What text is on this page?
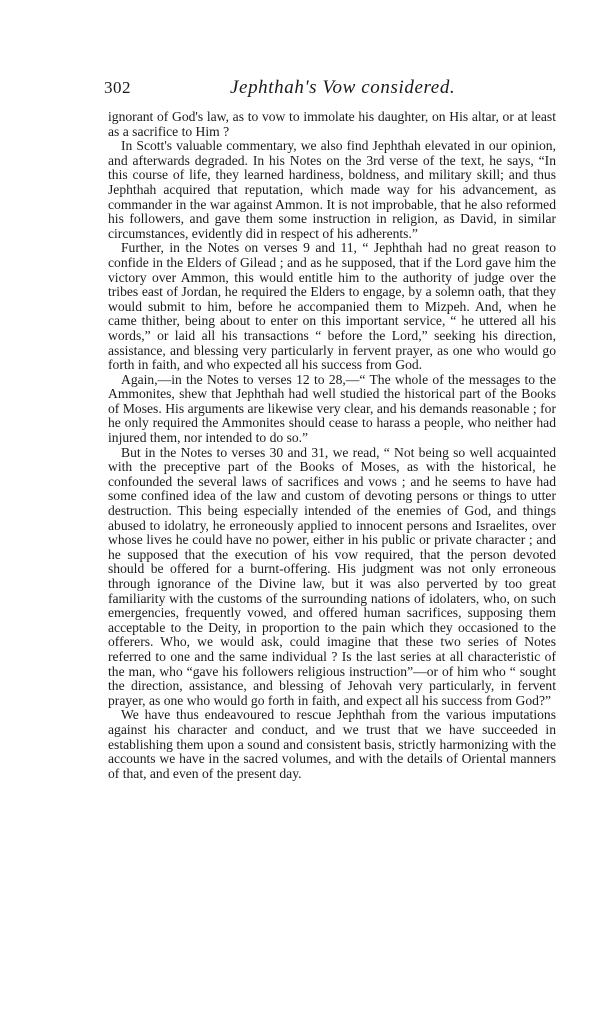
302	Jephthah's Vow considered.

ignorant of God's law, as to vow to immolate his daughter, on His altar, or at least as a sacrifice to Him ?

In Scott's valuable commentary, we also find Jephthah elevated in our opinion, and afterwards degraded. In his Notes on the 3rd verse of the text, he says, “In this course of life, they learned hardiness, boldness, and military skill; and thus Jephthah acquired that reputation, which made way for his advancement, as commander in the war against Ammon. It is not improbable, that he also reformed his followers, and gave them some instruction in religion, as David, in similar circumstances, evidently did in respect of his adherents.”

Further, in the Notes on verses 9 and 11, “ Jephthah had no great reason to confide in the Elders of Gilead ; and as he supposed, that if the Lord gave him the victory over Ammon, this would entitle him to the authority of judge over the tribes east of Jordan, he required the Elders to engage, by a solemn oath, that they would submit to him, before he accompanied them to Mizpeh. And, when he came thither, being about to enter on this important service, “ he uttered all his words,” or laid all his transactions “ before the Lord,” seeking his direction, assistance, and blessing very particularly in fervent prayer, as one who would go forth in faith, and who expected all his success from God.

Again,—in the Notes to verses 12 to 28,—“ The whole of the messages to the Ammonites, shew that Jephthah had well studied the historical part of the Books of Moses. His arguments are likewise very clear, and his demands reasonable ; for he only required the Ammonites should cease to harass a people, who neither had injured them, nor intended to do so.”

But in the Notes to verses 30 and 31, we read, “ Not being so well acquainted with the preceptive part of the Books of Moses, as with the historical, he confounded the several laws of sacrifices and vows ; and he seems to have had some confined idea of the law and custom of devoting persons or things to utter destruction. This being especially intended of the enemies of God, and things abused to idolatry, he erroneously applied to innocent persons and Israelites, over whose lives he could have no power, either in his public or private character ; and he supposed that the execution of his vow required, that the person devoted should be offered for a burnt-offering. His judgment was not only erroneous through ignorance of the Divine law, but it was also perverted by too great familiarity with the customs of the surrounding nations of idolaters, who, on such emergencies, frequently vowed, and offered human sacrifices, supposing them acceptable to the Deity, in proportion to the pain which they occasioned to the offerers. Who, we would ask, could imagine that these two series of Notes referred to one and the same individual ? Is the last series at all characteristic of the man, who “gave his followers religious instruction”—or of him who “ sought the direction, assistance, and blessing of Jehovah very particularly, in fervent prayer, as one who would go forth in faith, and expect all his success from God?”

We have thus endeavoured to rescue Jephthah from the various imputations against his character and conduct, and we trust that we have succeeded in establishing them upon a sound and consistent basis, strictly harmonizing with the accounts we have in the sacred volumes, and with the details of Oriental manners of that, and even of the present day.
